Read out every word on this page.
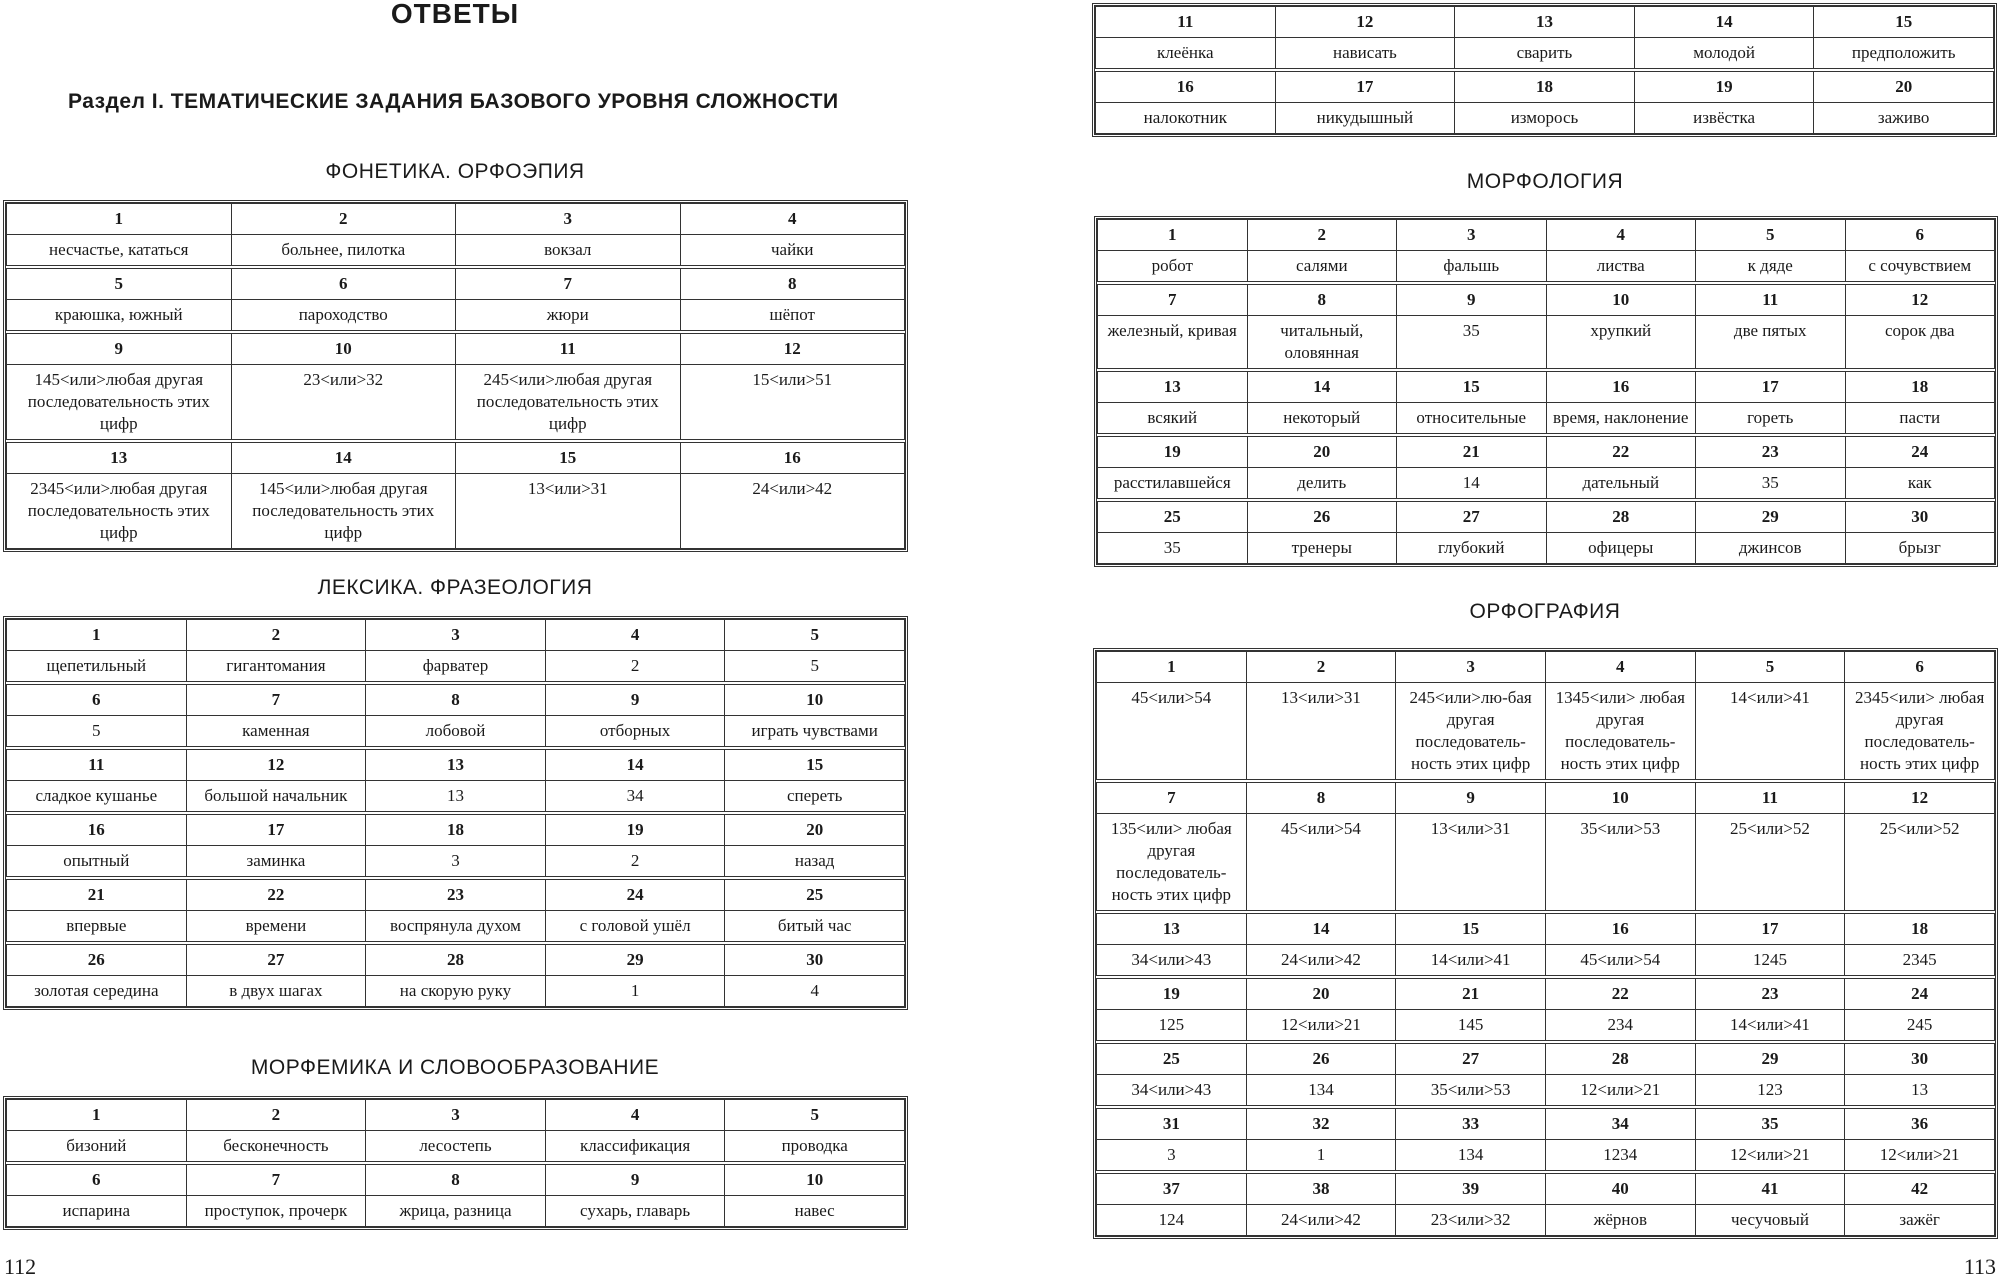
ОТВЕТЫ
Раздел I. ТЕМАТИЧЕСКИЕ ЗАДАНИЯ БАЗОВОГО УРОВНЯ СЛОЖНОСТИ
ФОНЕТИКА. ОРФОЭПИЯ
1	2	3	4
несчастье, кататься	больнее, пилотка	вокзал	чайки
5	6	7	8
краюшка, южный	пароходство	жюри	шёпот
9	10	11	12
145<или>любая другая последовательность этих цифр	23<или>32	245<или>любая другая последовательность этих цифр	15<или>51
13	14	15	16
2345<или>любая другая последовательность этих цифр	145<или>любая другая последовательность этих цифр	13<или>31	24<или>42
ЛЕКСИКА. ФРАЗЕОЛОГИЯ
1	2	3	4	5
щепетильный	гигантомания	фарватер	2	5
6	7	8	9	10
5	каменная	лобовой	отборных	играть чувствами
11	12	13	14	15
сладкое кушанье	большой начальник	13	34	спереть
16	17	18	19	20
опытный	заминка	3	2	назад
21	22	23	24	25
впервые	времени	воспрянула духом	с головой ушёл	битый час
26	27	28	29	30
золотая середина	в двух шагах	на скорую руку	1	4
МОРФЕМИКА И СЛОВООБРАЗОВАНИЕ
1	2	3	4	5
бизоний	бесконечность	лесостепь	классификация	проводка
6	7	8	9	10
испарина	проступок, прочерк	жрица, разница	сухарь, главарь	навес
112
11	12	13	14	15
клеёнка	нависать	сварить	молодой	предположить
16	17	18	19	20
налокотник	никудышный	изморось	извёстка	заживо
МОРФОЛОГИЯ
1	2	3	4	5	6
робот	салями	фальшь	листва	к дяде	с сочувствием
7	8	9	10	11	12
железный, кривая	читальный, оловянная	35	хрупкий	две пятых	сорок два
13	14	15	16	17	18
всякий	некоторый	относительные	время, наклонение	гореть	пасти
19	20	21	22	23	24
расстилавшейся	делить	14	дательный	35	как
25	26	27	28	29	30
35	тренеры	глубокий	офицеры	джинсов	брызг
ОРФОГРАФИЯ
1	2	3	4	5	6
45<или>54	13<или>31	245<или>лю-бая другая последователь-ность этих цифр	1345<или> любая другая последователь-ность этих цифр	14<или>41	2345<или> любая другая последователь-ность этих цифр
7	8	9	10	11	12
135<или> любая другая последователь-ность этих цифр	45<или>54	13<или>31	35<или>53	25<или>52	25<или>52
13	14	15	16	17	18
34<или>43	24<или>42	14<или>41	45<или>54	1245	2345
19	20	21	22	23	24
125	12<или>21	145	234	14<или>41	245
25	26	27	28	29	30
34<или>43	134	35<или>53	12<или>21	123	13
31	32	33	34	35	36
3	1	134	1234	12<или>21	12<или>21
37	38	39	40	41	42
124	24<или>42	23<или>32	жёрнов	чесучовый	зажёг
113
